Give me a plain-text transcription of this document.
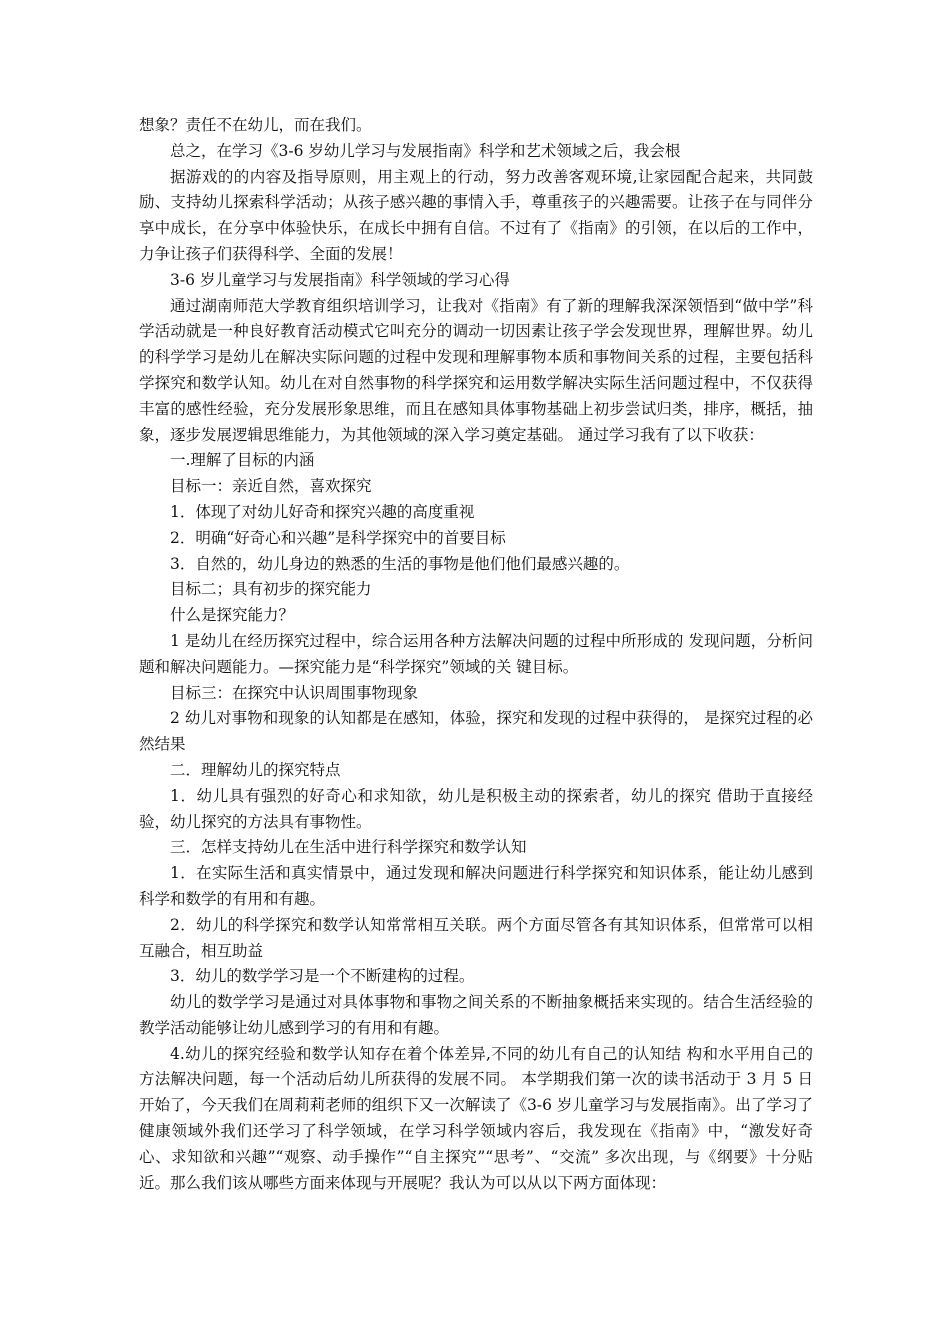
想象？责任不在幼儿，而在我们。

总之，在学习《3-6 岁幼儿学习与发展指南》科学和艺术领域之后，我会根

据游戏的的内容及指导原则，用主观上的行动，努力改善客观环境,让家园配合起来，共同鼓励、支持幼儿探索科学活动；从孩子感兴趣的事情入手，尊重孩子的兴趣需要。让孩子在与同伴分享中成长，在分享中体验快乐，在成长中拥有自信。不过有了《指南》的引领，在以后的工作中，力争让孩子们获得科学、全面的发展！

3-6 岁儿童学习与发展指南》科学领域的学习心得

通过湖南师范大学教育组织培训学习，让我对《指南》有了新的理解我深深领悟到“做中学”科学活动就是一种良好教育活动模式它叫充分的调动一切因素让孩子学会发现世界，理解世界。幼儿的科学学习是幼儿在解决实际问题的过程中发现和理解事物本质和事物间关系的过程，主要包括科学探究和数学认知。幼儿在对自然事物的科学探究和运用数学解决实际生活问题过程中，不仅获得丰富的感性经验，充分发展形象思维，而且在感知具体事物基础上初步尝试归类，排序，概括，抽象，逐步发展逻辑思维能力，为其他领域的深入学习奠定基础。 通过学习我有了以下收获：

一.理解了目标的内涵

目标一：亲近自然，喜欢探究

1．体现了对幼儿好奇和探究兴趣的高度重视

2．明确“好奇心和兴趣”是科学探究中的首要目标

3．自然的，幼儿身边的熟悉的生活的事物是他们他们最感兴趣的。

目标二；具有初步的探究能力

什么是探究能力？

1 是幼儿在经历探究过程中，综合运用各种方法解决问题的过程中所形成的 发现问题，分析问题和解决问题能力。—探究能力是“科学探究”领域的关 键目标。

目标三：在探究中认识周围事物现象

2 幼儿对事物和现象的认知都是在感知，体验，探究和发现的过程中获得的， 是探究过程的必然结果

二．理解幼儿的探究特点

1．幼儿具有强烈的好奇心和求知欲，幼儿是积极主动的探索者，幼儿的探究 借助于直接经验，幼儿探究的方法具有事物性。

三．怎样支持幼儿在生活中进行科学探究和数学认知

1．在实际生活和真实情景中，通过发现和解决问题进行科学探究和知识体系，能让幼儿感到科学和数学的有用和有趣。

2．幼儿的科学探究和数学认知常常相互关联。两个方面尽管各有其知识体系，但常常可以相互融合，相互助益

3．幼儿的数学学习是一个不断建构的过程。

幼儿的数学学习是通过对具体事物和事物之间关系的不断抽象概括来实现的。结合生活经验的教学活动能够让幼儿感到学习的有用和有趣。

4.幼儿的探究经验和数学认知存在着个体差异,不同的幼儿有自己的认知结 构和水平用自己的方法解决问题，每一个活动后幼儿所获得的发展不同。 本学期我们第一次的读书活动于 3 月 5 日开始了，今天我们在周莉莉老师的组织下又一次解读了《3-6 岁儿童学习与发展指南》。出了学习了健康领域外我们还学习了科学领域，在学习科学领域内容后，我发现在《指南》中，“激发好奇心、求知欲和兴趣”“观察、动手操作”“自主探究”“思考”、“交流” 多次出现，与《纲要》十分贴近。那么我们该从哪些方面来体现与开展呢？我认为可以从以下两方面体现：
